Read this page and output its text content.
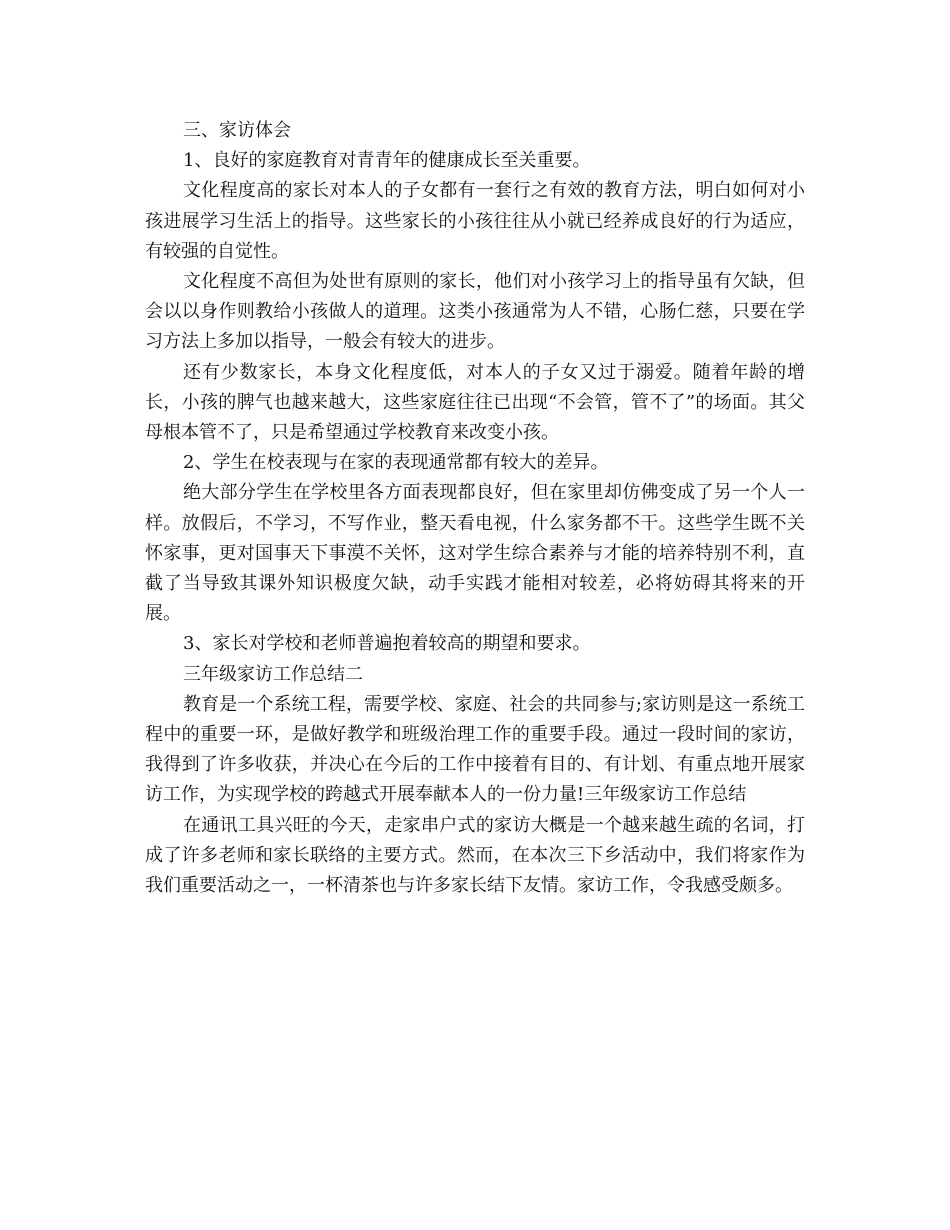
三、家访体会

1、良好的家庭教育对青青年的健康成长至关重要。

文化程度高的家长对本人的子女都有一套行之有效的教育方法，明白如何对小孩进展学习生活上的指导。这些家长的小孩往往从小就已经养成良好的行为适应，有较强的自觉性。

文化程度不高但为处世有原则的家长，他们对小孩学习上的指导虽有欠缺，但会以以身作则教给小孩做人的道理。这类小孩通常为人不错，心肠仁慈，只要在学习方法上多加以指导，一般会有较大的进步。

还有少数家长，本身文化程度低，对本人的子女又过于溺爱。随着年龄的增长，小孩的脾气也越来越大，这些家庭往往已出现“不会管，管不了”的场面。其父母根本管不了，只是希望通过学校教育来改变小孩。

2、学生在校表现与在家的表现通常都有较大的差异。

绝大部分学生在学校里各方面表现都良好，但在家里却仿佛变成了另一个人一样。放假后，不学习，不写作业，整天看电视，什么家务都不干。这些学生既不关怀家事，更对国事天下事漠不关怀，这对学生综合素养与才能的培养特别不利，直截了当导致其课外知识极度欠缺，动手实践才能相对较差，必将妨碍其将来的开展。

3、家长对学校和老师普遍抱着较高的期望和要求。

三年级家访工作总结二

教育是一个系统工程，需要学校、家庭、社会的共同参与;家访则是这一系统工程中的重要一环，是做好教学和班级治理工作的重要手段。通过一段时间的家访，我得到了许多收获，并决心在今后的工作中接着有目的、有计划、有重点地开展家访工作，为实现学校的跨越式开展奉献本人的一份力量!三年级家访工作总结

在通讯工具兴旺的今天，走家串户式的家访大概是一个越来越生疏的名词，打成了许多老师和家长联络的主要方式。然而，在本次三下乡活动中，我们将家作为我们重要活动之一，一杯清茶也与许多家长结下友情。家访工作，令我感受颇多。
